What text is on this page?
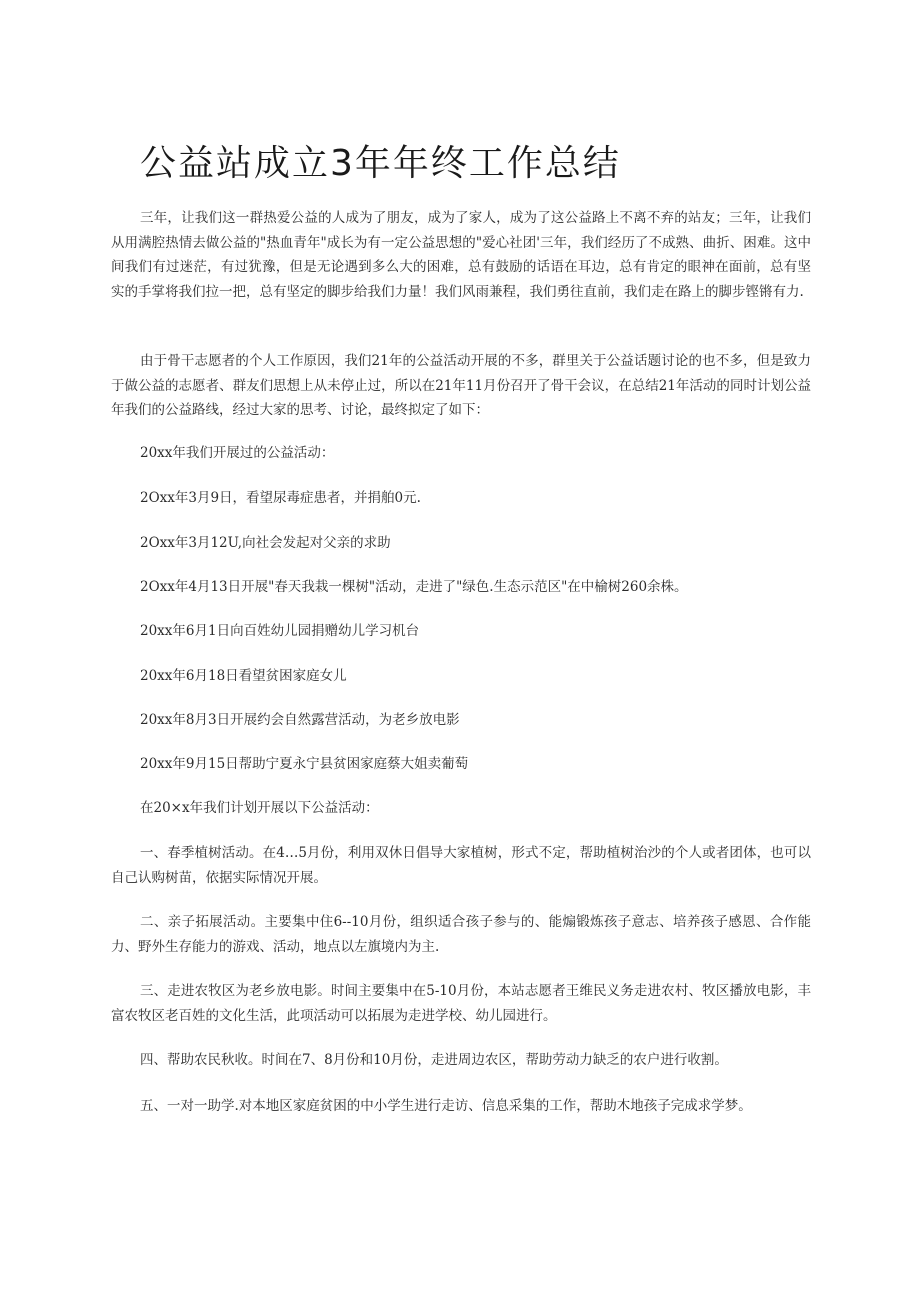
公益站成立3年年终工作总结

三年，让我们这一群热爱公益的人成为了朋友，成为了家人，成为了这公益路上不离不弃的站友；三年，让我们从用满腔热情去做公益的"热血青年"成长为有一定公益思想的"爱心社团'三年，我们经历了不成熟、曲折、困难。这中间我们有过迷茫，有过犹豫，但是无论遇到多么大的困难，总有鼓励的话语在耳边，总有肯定的眼神在面前，总有坚实的手掌将我们拉一把，总有坚定的脚步给我们力量！我们风雨兼程，我们勇往直前，我们走在路上的脚步铿锵有力.

由于骨干志愿者的个人工作原因，我们21年的公益活动开展的不多，群里关于公益话题讨论的也不多，但是致力于做公益的志愿者、群友们思想上从未停止过，所以在21年11月份召开了骨干会议，在总结21年活动的同时计划公益年我们的公益路线，经过大家的思考、讨论，最终拟定了如下：

20xx年我们开展过的公益活动：

2Oxx年3月9日，看望尿毒症患者，并捐舶0元.

2Oxx年3月12U,向社会发起对父亲的求助

2Oxx年4月13日开展"春天我栽一棵树"活动，走进了"绿色.生态示范区"在中榆树260余株。

20xx年6月1日向百姓幼儿园捐赠幼儿学习机台

20xx年6月18日看望贫困家庭女儿

20xx年8月3日开展约会自然露营活动，为老乡放电影

20xx年9月15日帮助宁夏永宁县贫困家庭蔡大姐卖葡萄

在20×x年我们计划开展以下公益活动：

一、春季植树活动。在4…5月份，利用双休日倡导大家植树，形式不定，帮助植树治沙的个人或者团体，也可以自己认购树苗，依据实际情况开展。

二、亲子拓展活动。主要集中住6--10月份，组织适合孩子参与的、能煽锻炼孩子意志、培养孩子感恩、合作能力、野外生存能力的游戏、活动，地点以左旗境内为主.

三、走进农牧区为老乡放电影。时间主要集中在5-10月份，本站志愿者王维民义务走进农村、牧区播放电影，丰富农牧区老百姓的文化生活，此项活动可以拓展为走进学校、幼儿园进行。

四、帮助农民秋收。时间在7、8月份和10月份，走进周边农区，帮助劳动力缺乏的农户进行收割。

五、一对一助学.对本地区家庭贫困的中小学生进行走访、信息采集的工作，帮助木地孩子完成求学梦。
